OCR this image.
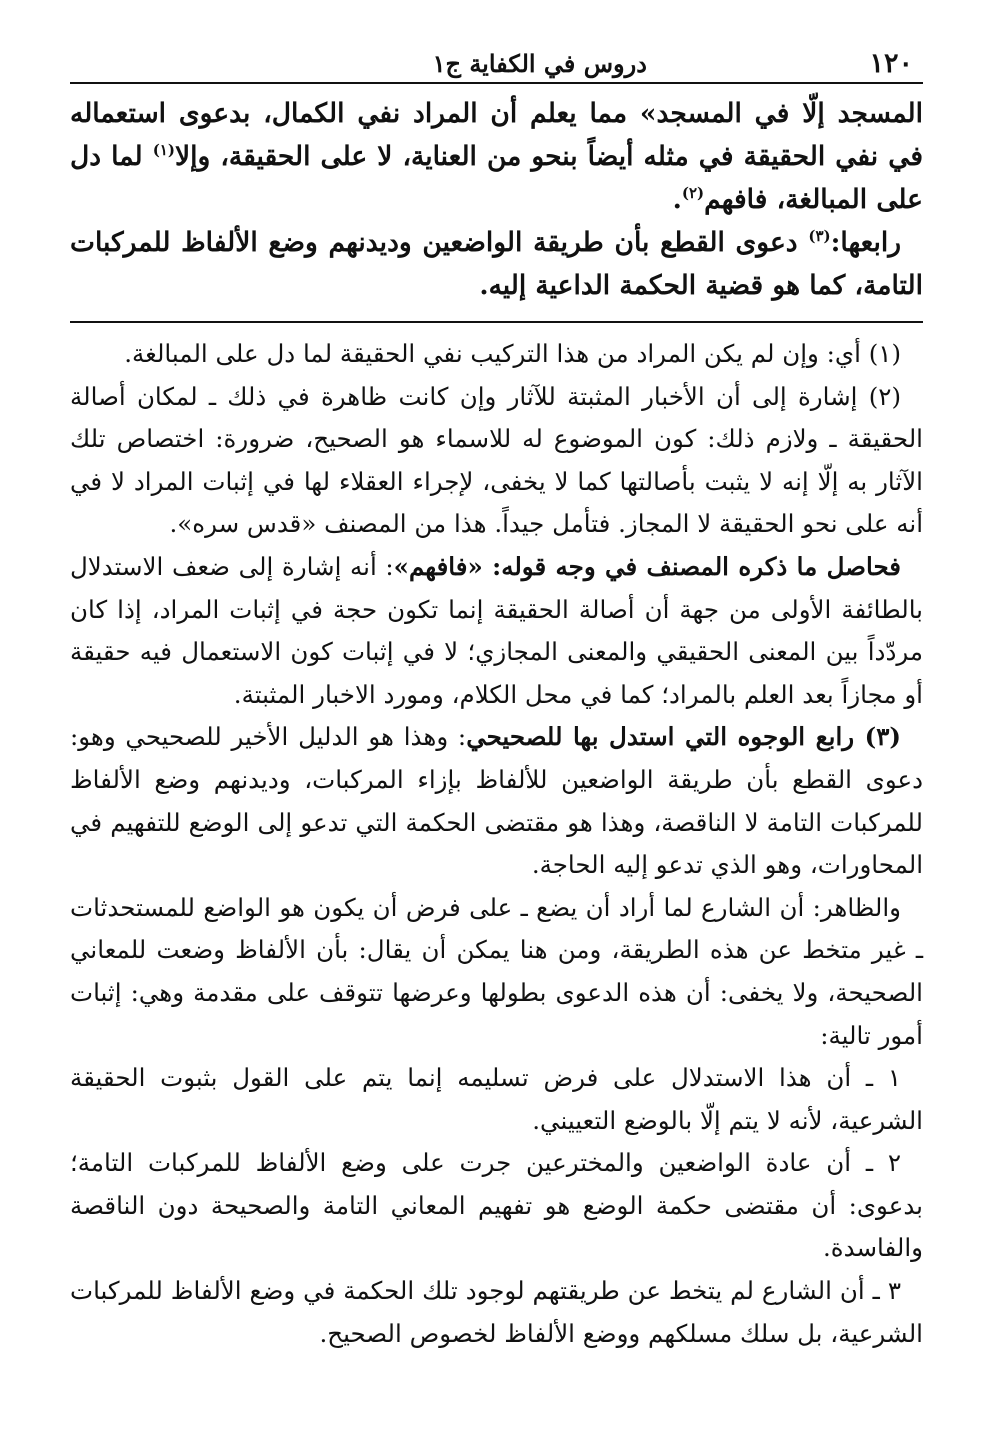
١٢٠
دروس في الكفاية ج١

المسجد إلّا في المسجد» مما يعلم أن المراد نفي الكمال، بدعوى استعماله في نفي الحقيقة في مثله أيضاً بنحو من العناية، لا على الحقيقة، وإلا$^{(١)}$ لما دل على المبالغة، فافهم$^{(٢)}$.

رابعها:$^{(٣)}$ دعوى القطع بأن طريقة الواضعين وديدنهم وضع الألفاظ للمركبات التامة، كما هو قضية الحكمة الداعية إليه.

(١) أي: وإن لم يكن المراد من هذا التركيب نفي الحقيقة لما دل على المبالغة.

(٢) إشارة إلى أن الأخبار المثبتة للآثار وإن كانت ظاهرة في ذلك ـ لمكان أصالة الحقيقة ـ ولازم ذلك: كون الموضوع له للاسماء هو الصحيح، ضرورة: اختصاص تلك الآثار به إلّا إنه لا يثبت بأصالتها كما لا يخفى، لإجراء العقلاء لها في إثبات المراد لا في أنه على نحو الحقيقة لا المجاز. فتأمل جيداً. هذا من المصنف «قدس سره».

فحاصل ما ذكره المصنف في وجه قوله: «فافهم»: أنه إشارة إلى ضعف الاستدلال بالطائفة الأولى من جهة أن أصالة الحقيقة إنما تكون حجة في إثبات المراد، إذا كان مردّداً بين المعنى الحقيقي والمعنى المجازي؛ لا في إثبات كون الاستعمال فيه حقيقة أو مجازاً بعد العلم بالمراد؛ كما في محل الكلام، ومورد الاخبار المثبتة.

(٣) رابع الوجوه التي استدل بها للصحيحي: وهذا هو الدليل الأخير للصحيحي وهو: دعوى القطع بأن طريقة الواضعين للألفاظ بإزاء المركبات، وديدنهم وضع الألفاظ للمركبات التامة لا الناقصة، وهذا هو مقتضى الحكمة التي تدعو إلى الوضع للتفهيم في المحاورات، وهو الذي تدعو إليه الحاجة.

والظاهر: أن الشارع لما أراد أن يضع ـ على فرض أن يكون هو الواضع للمستحدثات ـ غير متخط عن هذه الطريقة، ومن هنا يمكن أن يقال: بأن الألفاظ وضعت للمعاني الصحيحة، ولا يخفى: أن هذه الدعوى بطولها وعرضها تتوقف على مقدمة وهي: إثبات أمور تالية:

١ ـ أن هذا الاستدلال على فرض تسليمه إنما يتم على القول بثبوت الحقيقة الشرعية، لأنه لا يتم إلّا بالوضع التعييني.

٢ ـ أن عادة الواضعين والمخترعين جرت على وضع الألفاظ للمركبات التامة؛ بدعوى: أن مقتضى حكمة الوضع هو تفهيم المعاني التامة والصحيحة دون الناقصة والفاسدة.

٣ ـ أن الشارع لم يتخط عن طريقتهم لوجود تلك الحكمة في وضع الألفاظ للمركبات الشرعية، بل سلك مسلكهم ووضع الألفاظ لخصوص الصحيح.
